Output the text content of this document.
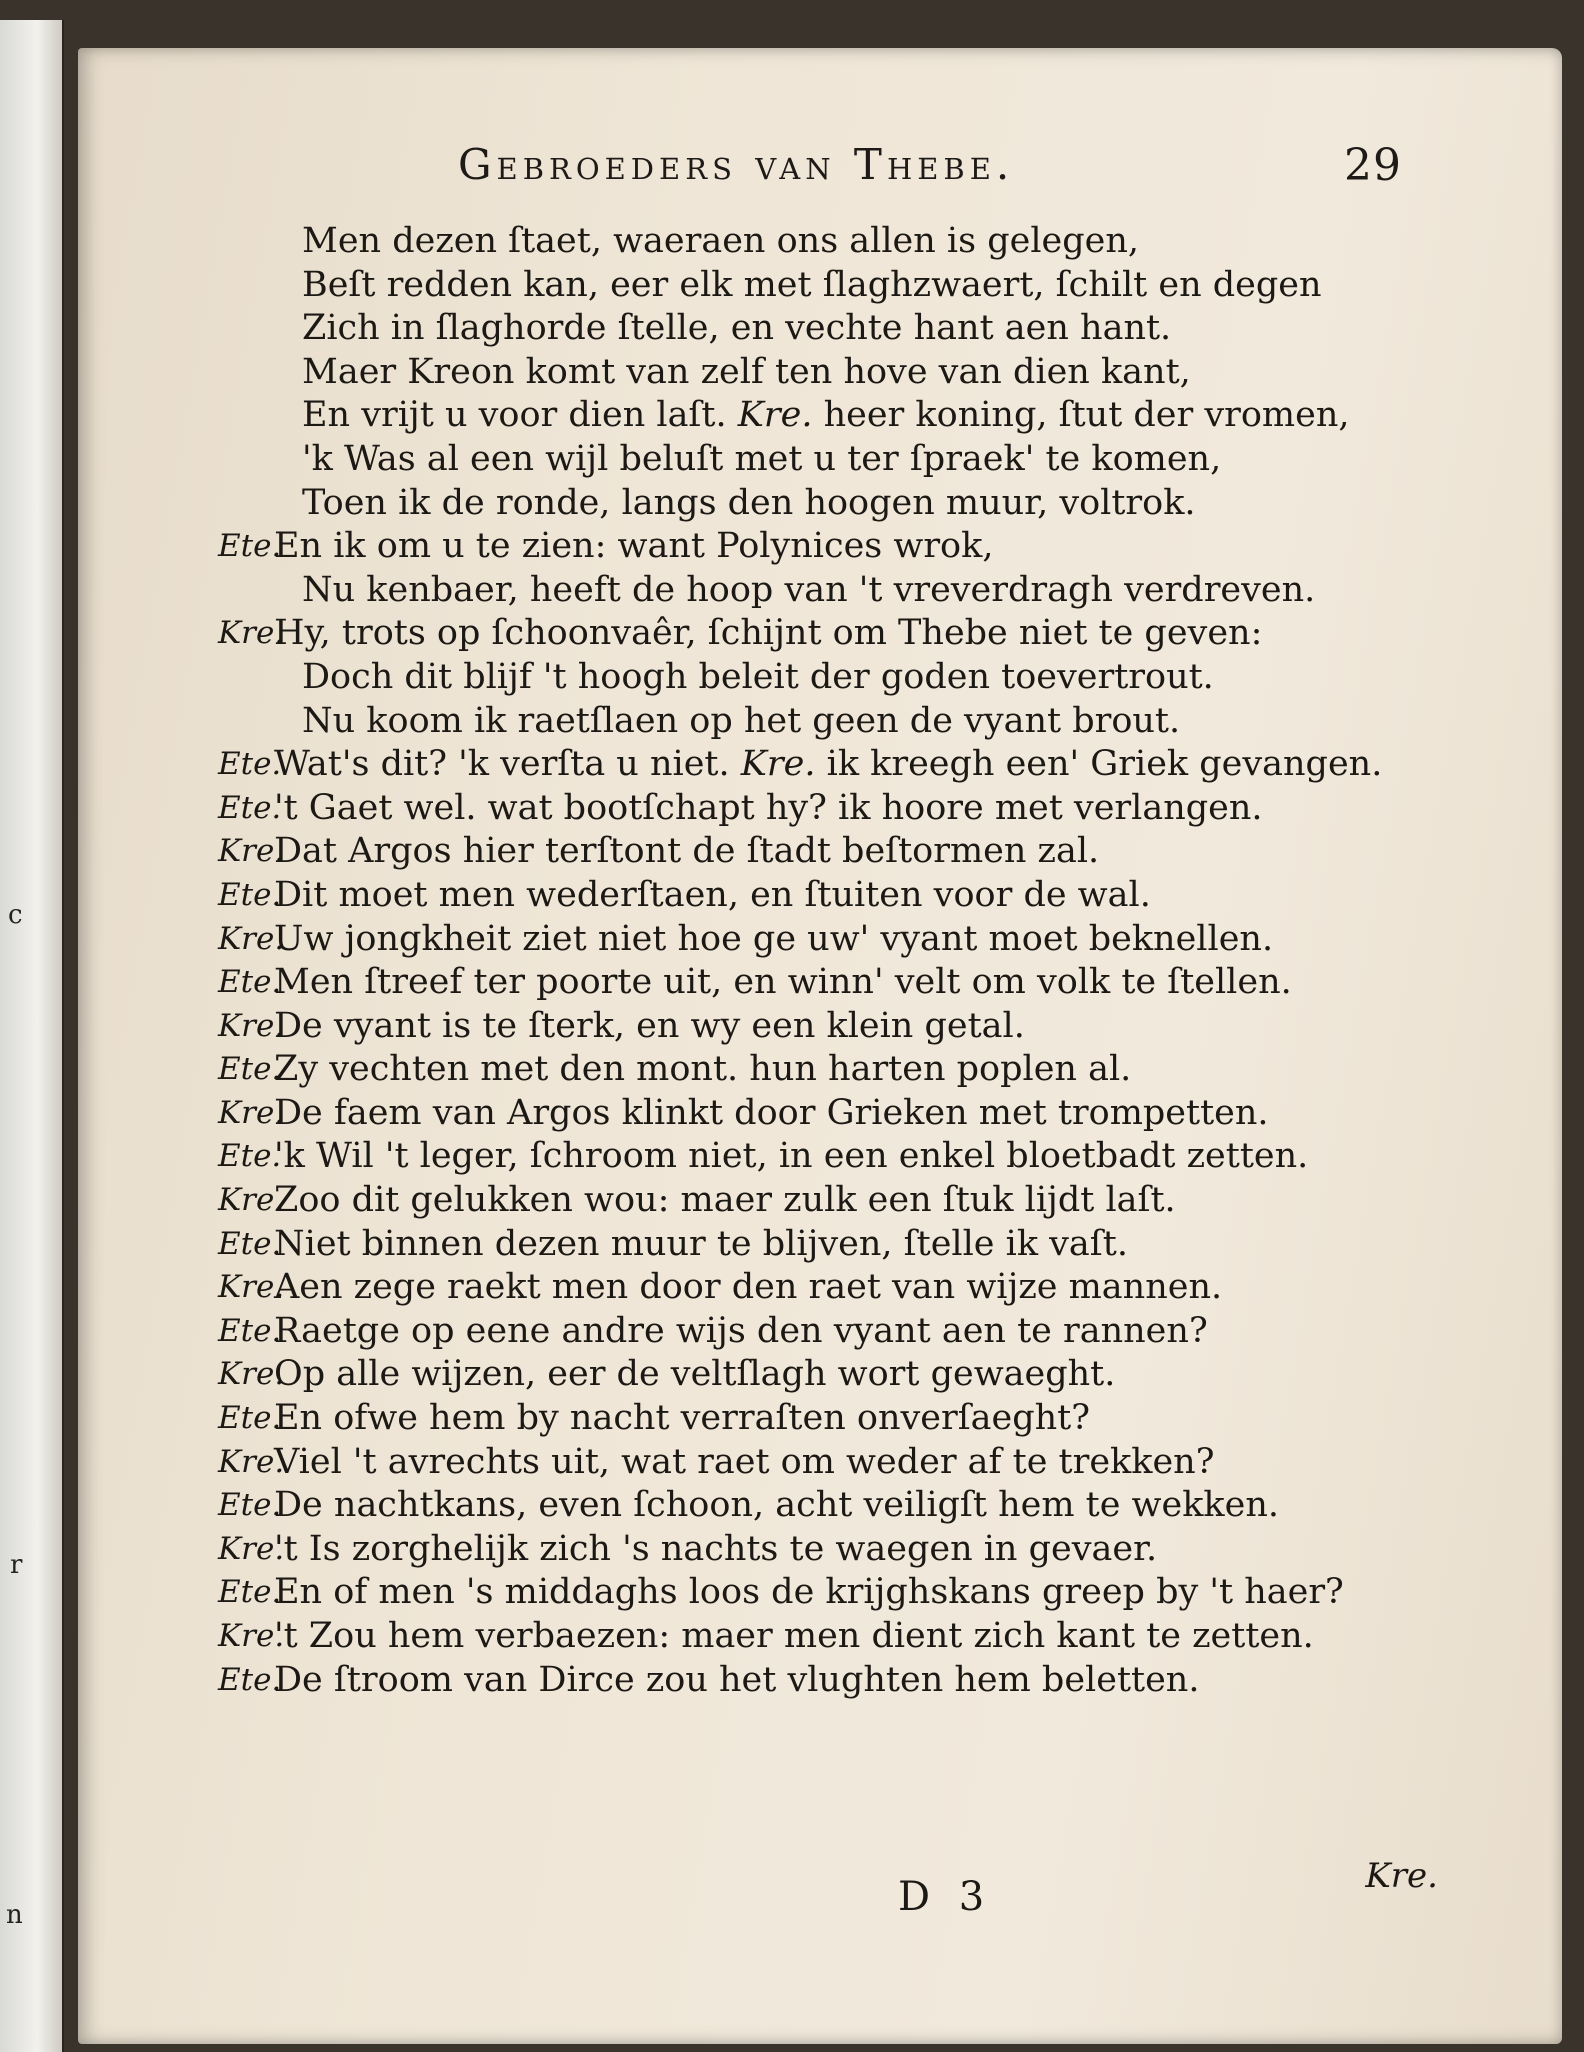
c
r
n
Gebroeders van Thebe.	29
Men dezen ſtaet, waeraen ons allen is gelegen,
Beſt redden kan, eer elk met ſlaghzwaert, ſchilt en degen
Zich in ſlaghorde ſtelle, en vechte hant aen hant.
Maer Kreon komt van zelf ten hove van dien kant,
En vrijt u voor dien laſt. Kre. heer koning, ſtut der vromen,
'k Was al een wijl beluſt met u ter ſpraek' te komen,
Toen ik de ronde, langs den hoogen muur, voltrok.
Ete.
En ik om u te zien: want Polynices wrok,
Nu kenbaer, heeft de hoop van 't vreverdragh verdreven.
Kre.
Hy, trots op ſchoonvaêr, ſchijnt om Thebe niet te geven:
Doch dit blijf 't hoogh beleit der goden toevertrout.
Nu koom ik raetſlaen op het geen de vyant brout.
Ete.
Wat's dit? 'k verſta u niet. Kre. ik kreegh een' Griek gevangen.
Ete.
't Gaet wel. wat bootſchapt hy? ik hoore met verlangen.
Kre.
Dat Argos hier terſtont de ſtadt beſtormen zal.
Ete.
Dit moet men wederſtaen, en ſtuiten voor de wal.
Kre.
Uw jongkheit ziet niet hoe ge uw' vyant moet beknellen.
Ete.
Men ſtreef ter poorte uit, en winn' velt om volk te ſtellen.
Kre.
De vyant is te ſterk, en wy een klein getal.
Ete.
Zy vechten met den mont. hun harten poplen al.
Kre.
De faem van Argos klinkt door Grieken met trompetten.
Ete.
'k Wil 't leger, ſchroom niet, in een enkel bloetbadt zetten.
Kre.
Zoo dit gelukken wou: maer zulk een ſtuk lijdt laſt.
Ete.
Niet binnen dezen muur te blijven, ſtelle ik vaſt.
Kre.
Aen zege raekt men door den raet van wijze mannen.
Ete.
Raetge op eene andre wijs den vyant aen te rannen?
Kre.
Op alle wijzen, eer de veltſlagh wort gewaeght.
Ete.
En ofwe hem by nacht verraſten onverſaeght?
Kre.
Viel 't avrechts uit, wat raet om weder af te trekken?
Ete.
De nachtkans, even ſchoon, acht veiligſt hem te wekken.
Kre.
't Is zorghelijk zich 's nachts te waegen in gevaer.
Ete.
En of men 's middaghs loos de krijghskans greep by 't haer?
Kre.
't Zou hem verbaezen: maer men dient zich kant te zetten.
Ete.
De ſtroom van Dirce zou het vlughten hem beletten.
D 3	Kre.
